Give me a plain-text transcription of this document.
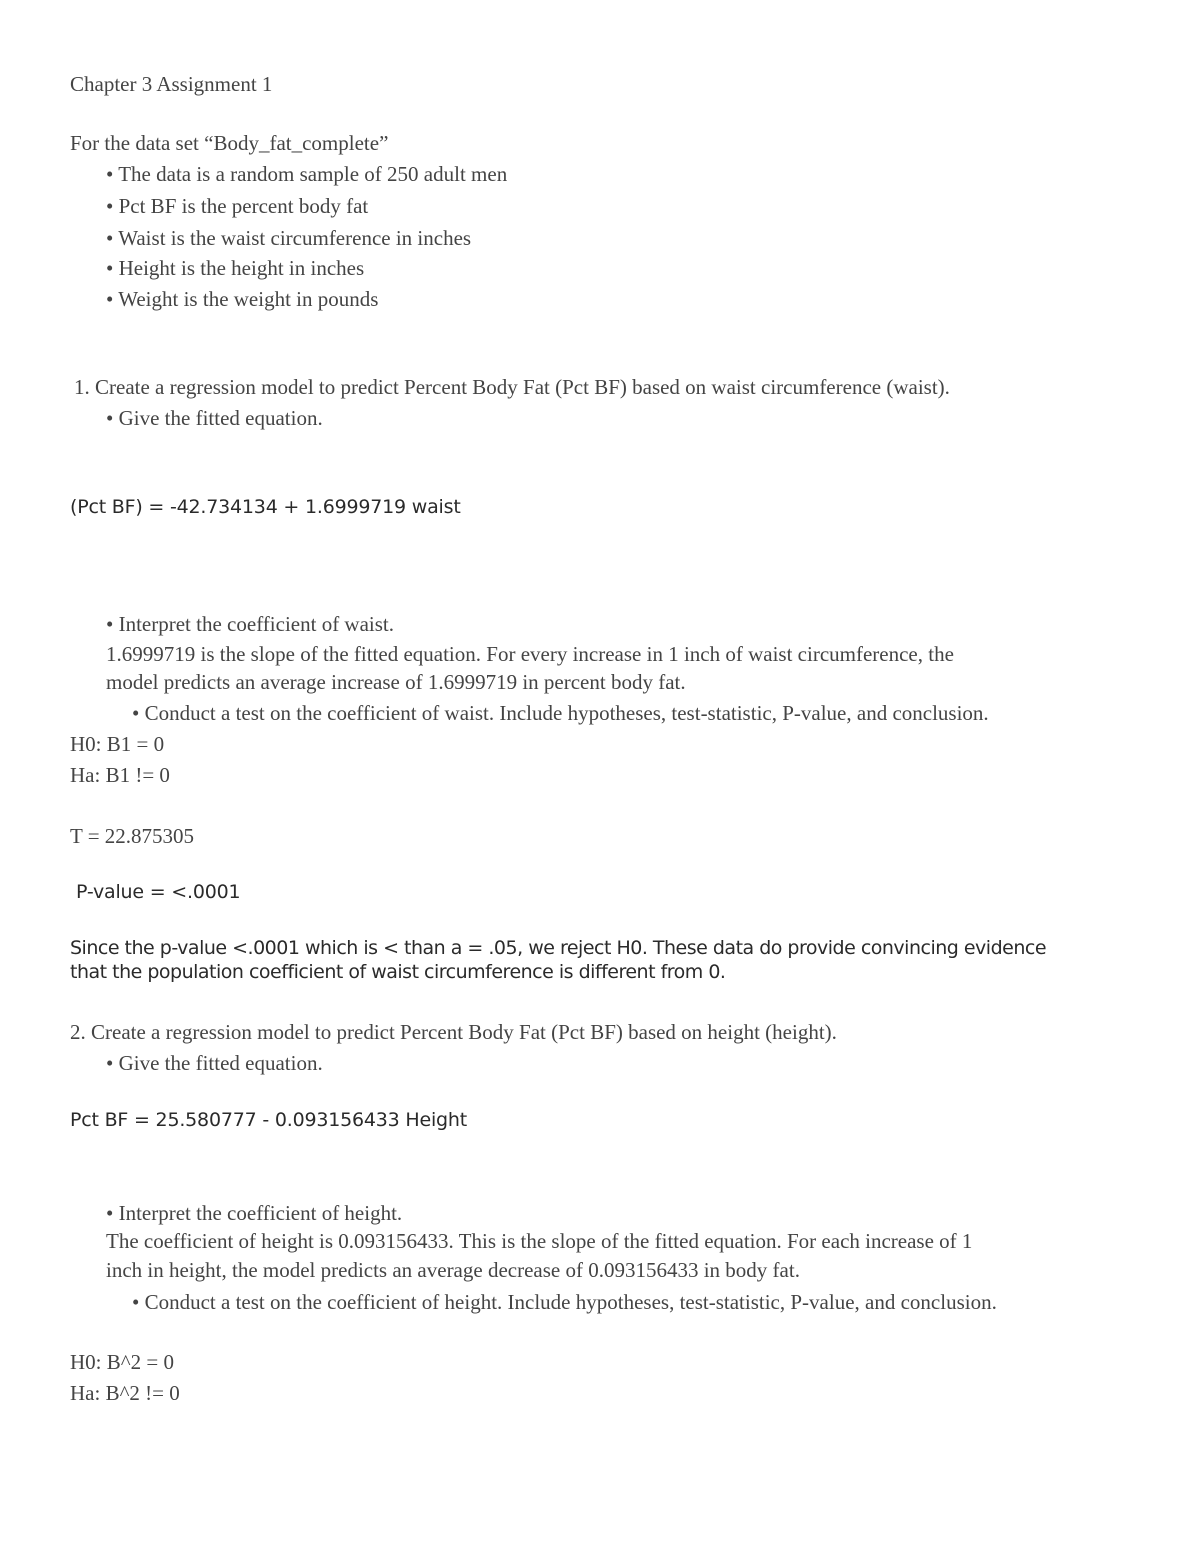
Chapter 3 Assignment 1
For the data set “Body_fat_complete”
• The data is a random sample of 250 adult men
• Pct BF is the percent body fat
• Waist is the waist circumference in inches
• Height is the height in inches
• Weight is the weight in pounds
1. Create a regression model to predict Percent Body Fat (Pct BF) based on waist circumference (waist).
• Give the fitted equation.
(Pct BF) = -42.734134 + 1.6999719 waist
• Interpret the coefficient of waist.
1.6999719 is the slope of the fitted equation. For every increase in 1 inch of waist circumference, the
model predicts an average increase of 1.6999719 in percent body fat.
• Conduct a test on the coefficient of waist. Include hypotheses, test-statistic, P-value, and conclusion.
H0: B1 = 0
Ha: B1 != 0
T = 22.875305
P-value = <.0001
Since the p-value <.0001 which is < than a = .05, we reject H0. These data do provide convincing evidence
that the population coefficient of waist circumference is different from 0.
2. Create a regression model to predict Percent Body Fat (Pct BF) based on height (height).
• Give the fitted equation.
Pct BF = 25.580777 - 0.093156433 Height
• Interpret the coefficient of height.
The coefficient of height is 0.093156433. This is the slope of the fitted equation. For each increase of 1
inch in height, the model predicts an average decrease of 0.093156433 in body fat.
• Conduct a test on the coefficient of height. Include hypotheses, test-statistic, P-value, and conclusion.
H0: B^2 = 0
Ha: B^2 != 0
